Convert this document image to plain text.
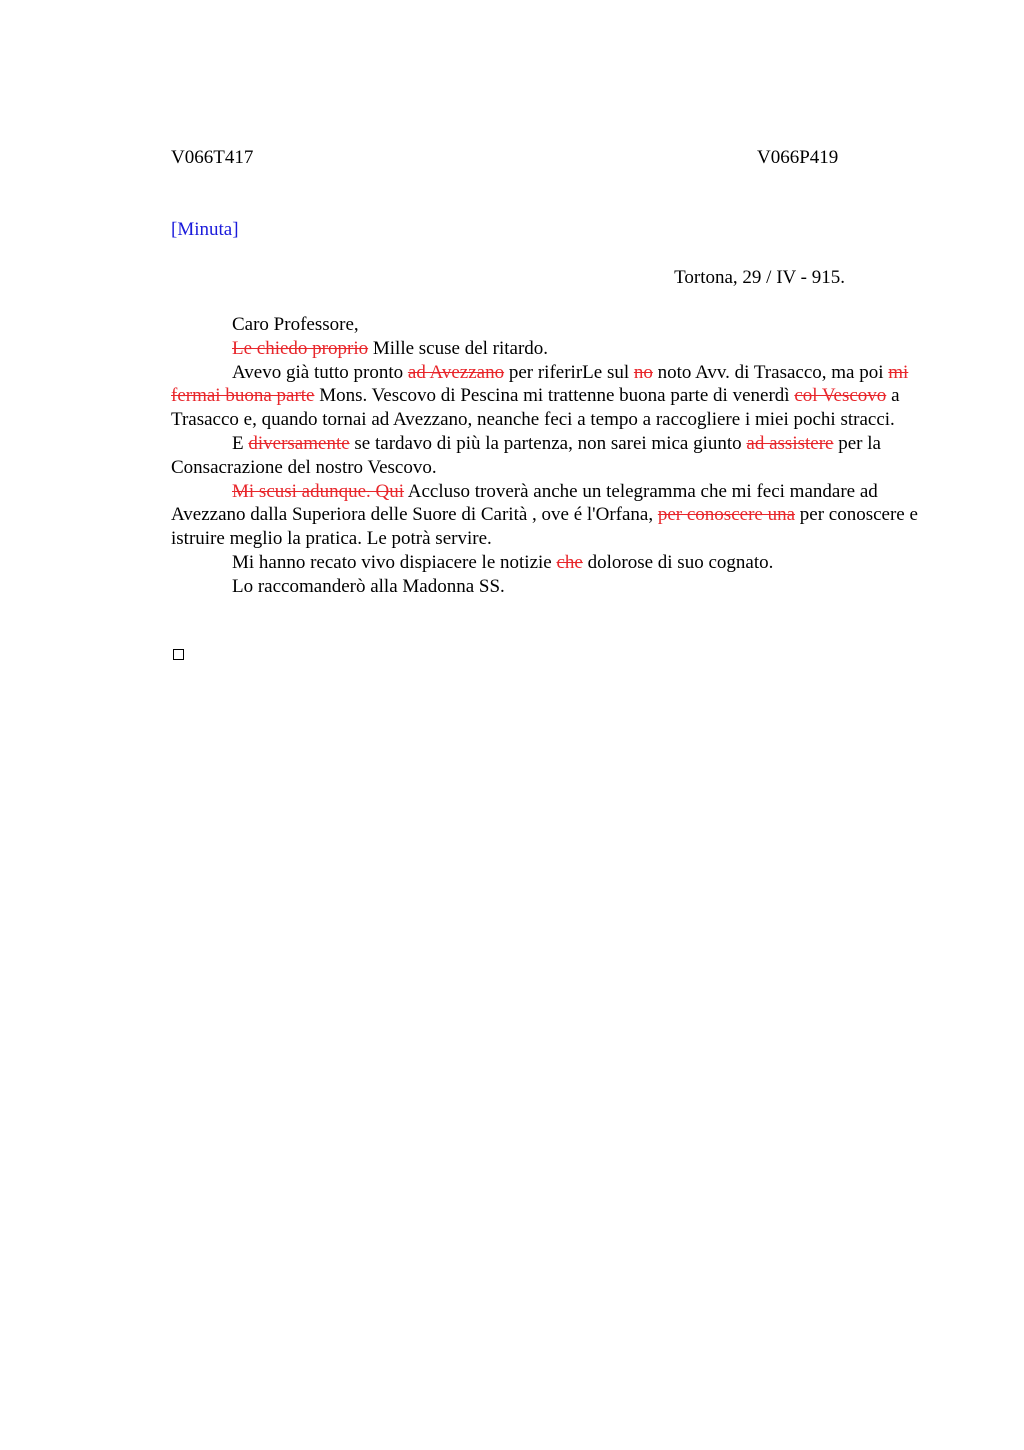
V066T417	V066P419
[Minuta]
Tortona, 29 / IV - 915.

Caro Professore,

Le chiedo proprio Mille scuse del ritardo.

Avevo già tutto pronto ad Avezzano per riferirLe sul no noto Avv. di Trasacco, ma poi mi fermai buona parte Mons. Vescovo di Pescina mi trattenne buona parte di venerdì col Vescovo a Trasacco e, quando tornai ad Avezzano, neanche feci a tempo a raccogliere i miei pochi stracci.

E diversamente se tardavo di più la partenza, non sarei mica giunto ad assistere per la Consacrazione del nostro Vescovo.

Mi scusi adunque. Qui Accluso troverà anche un telegramma che mi feci mandare ad Avezzano dalla Superiora delle Suore di Carità , ove é l'Orfana, per conoscere una per conoscere e istruire meglio la pratica. Le potrà servire.

Mi hanno recato vivo dispiacere le notizie che dolorose di suo cognato.

Lo raccomanderò alla Madonna SS.
